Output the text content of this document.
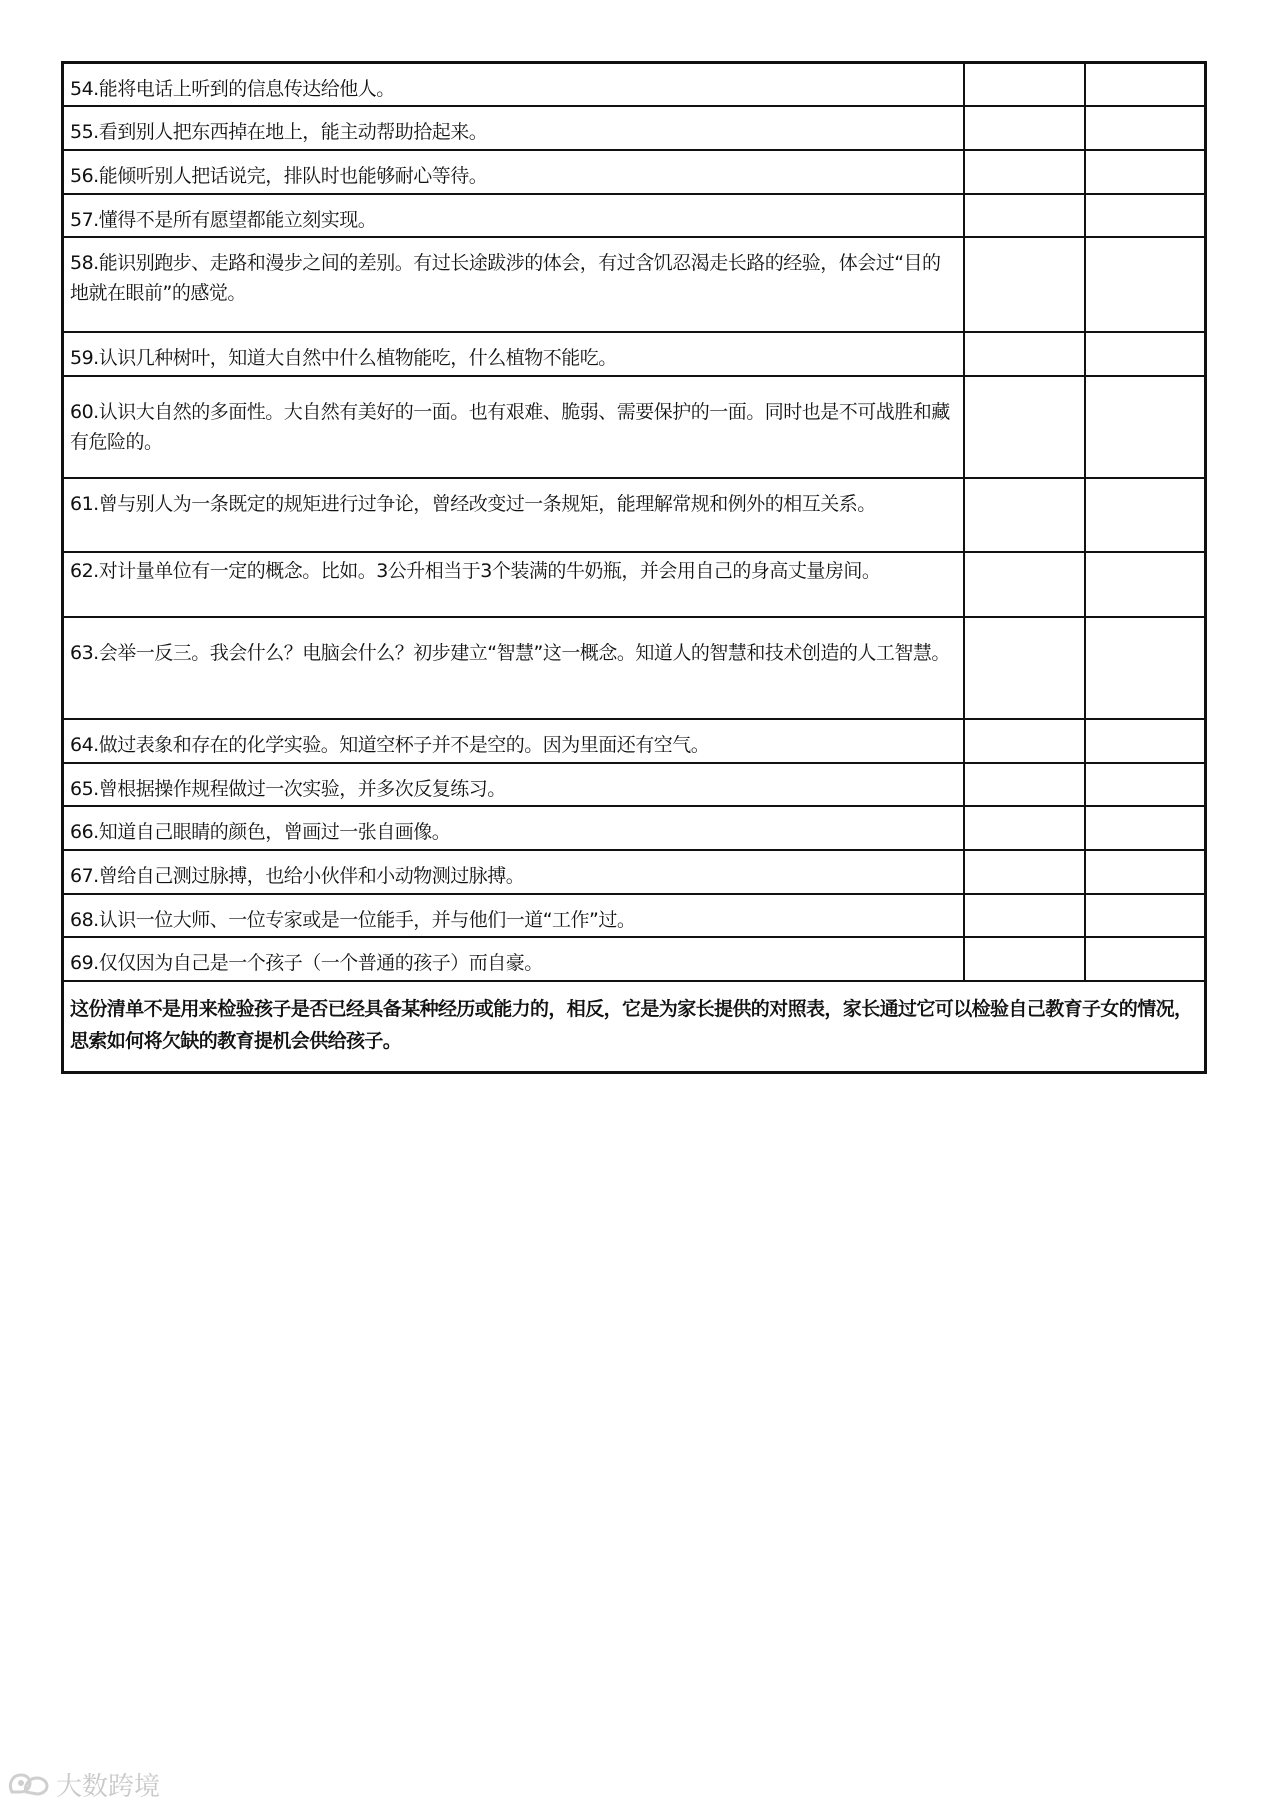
54.能将电话上听到的信息传达给他人。		
55.看到别人把东西掉在地上，能主动帮助拾起来。		
56.能倾听别人把话说完，排队时也能够耐心等待。		
57.懂得不是所有愿望都能立刻实现。		
58.能识别跑步、走路和漫步之间的差别。有过长途跋涉的体会，有过含饥忍渴走长路的经验，体会过“目的地就在眼前”的感觉。		
59.认识几种树叶，知道大自然中什么植物能吃，什么植物不能吃。		
60.认识大自然的多面性。大自然有美好的一面。也有艰难、脆弱、需要保护的一面。同时也是不可战胜和藏有危险的。		
61.曾与别人为一条既定的规矩进行过争论，曾经改变过一条规矩，能理解常规和例外的相互关系。		
62.对计量单位有一定的概念。比如。3公升相当于3个装满的牛奶瓶，并会用自己的身高丈量房间。		
63.会举一反三。我会什么？电脑会什么？初步建立“智慧”这一概念。知道人的智慧和技术创造的人工智慧。		
64.做过表象和存在的化学实验。知道空杯子并不是空的。因为里面还有空气。		
65.曾根据操作规程做过一次实验，并多次反复练习。		
66.知道自己眼睛的颜色，曾画过一张自画像。		
67.曾给自己测过脉搏，也给小伙伴和小动物测过脉搏。		
68.认识一位大师、一位专家或是一位能手，并与他们一道“工作”过。		
69.仅仅因为自己是一个孩子（一个普通的孩子）而自豪。		
这份清单不是用来检验孩子是否已经具备某种经历或能力的，相反，它是为家长提供的对照表，家长通过它可以检验自己教育子女的情况，思索如何将欠缺的教育提机会供给孩子。		
大数跨境
